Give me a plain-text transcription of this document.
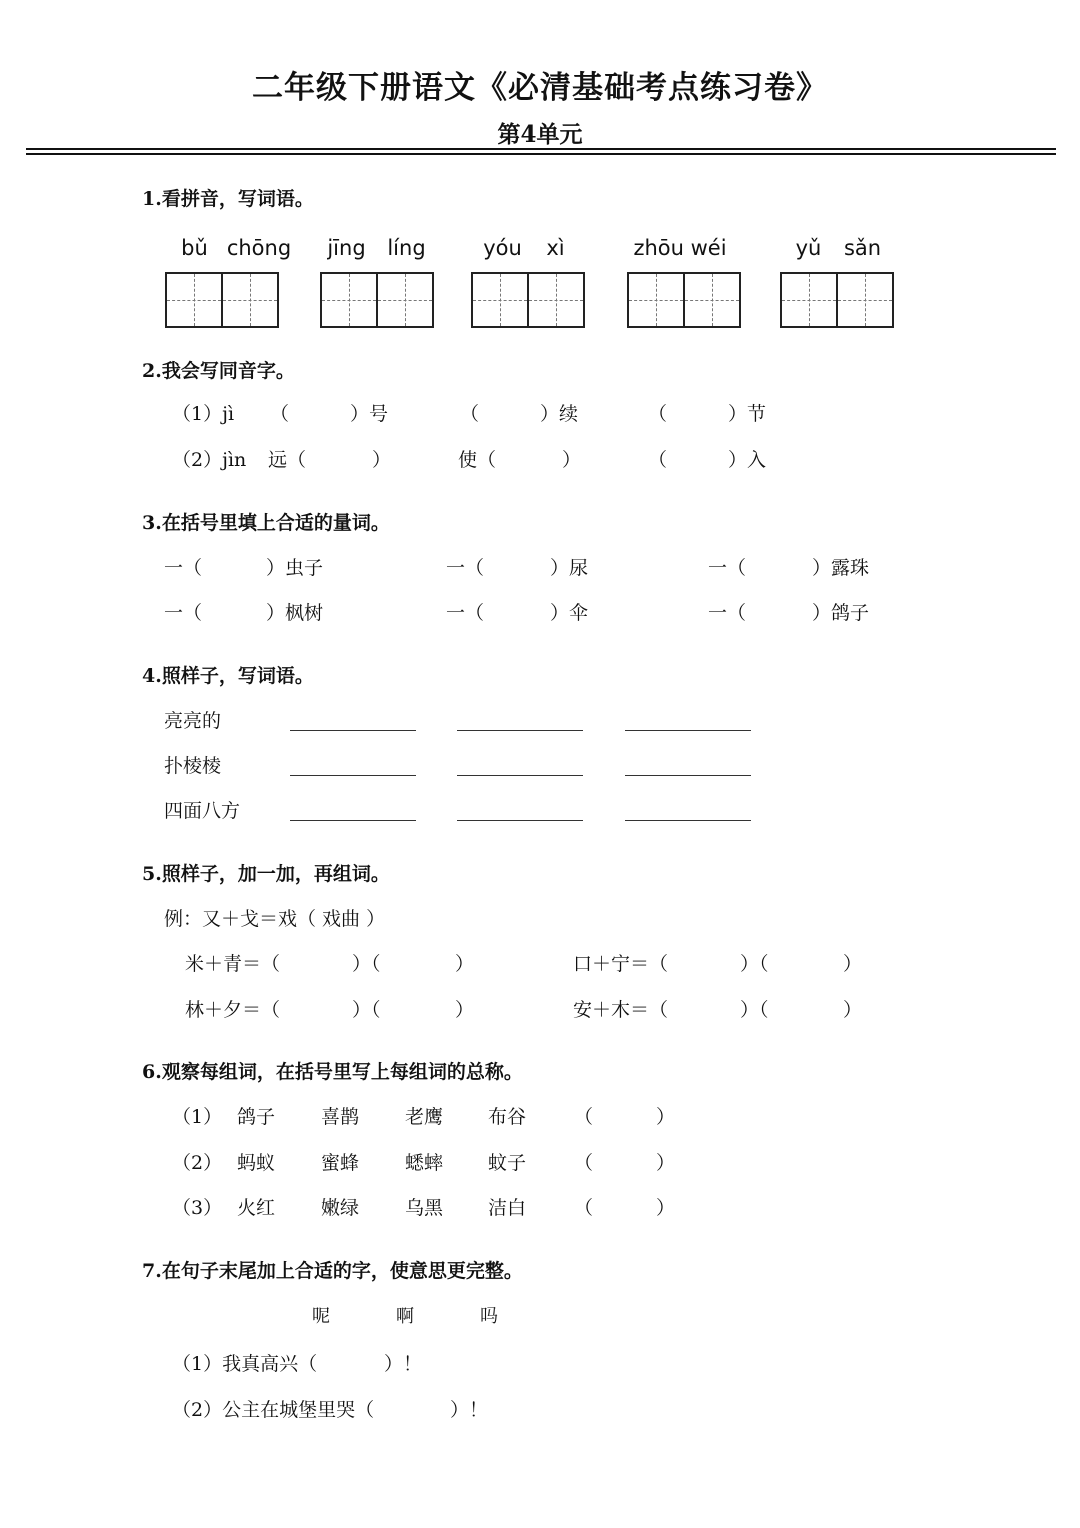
二年级下册语文《必清基础考点练习卷》
第4单元
1.看拼音，写词语。
bǔ chōng	jīng	líng	yóu	xì	zhōu wéi	yǔ	sǎn
2.我会写同音字。
（1）jì （	）号	（	）续	（	）节
（2）jìn 远（	）	使（	）	（	）入
3.在括号里填上合适的量词。
一（	）虫子	一（	）尿	一（	）露珠
一（	）枫树	一（	）伞	一（	）鸽子
4.照样子，写词语。
亮亮的
扑棱棱
四面八方
5.照样子，加一加，再组词。
例：又＋戈＝戏（ 戏曲 ）
米＋青＝（	）（	）	口＋宁＝（	）（	）
林＋夕＝（	）（	）	安＋木＝（	）（	）
6.观察每组词，在括号里写上每组词的总称。
（1） 鸽子 喜鹊 老鹰 布谷	（	）
（2） 蚂蚁 蜜蜂 蟋蟀 蚊子	（	）
（3） 火红 嫩绿 乌黑 洁白	（	）
7.在句子末尾加上合适的字，使意思更完整。
呢	啊	吗
（1）我真高兴（	）！
（2）公主在城堡里哭（	）！
